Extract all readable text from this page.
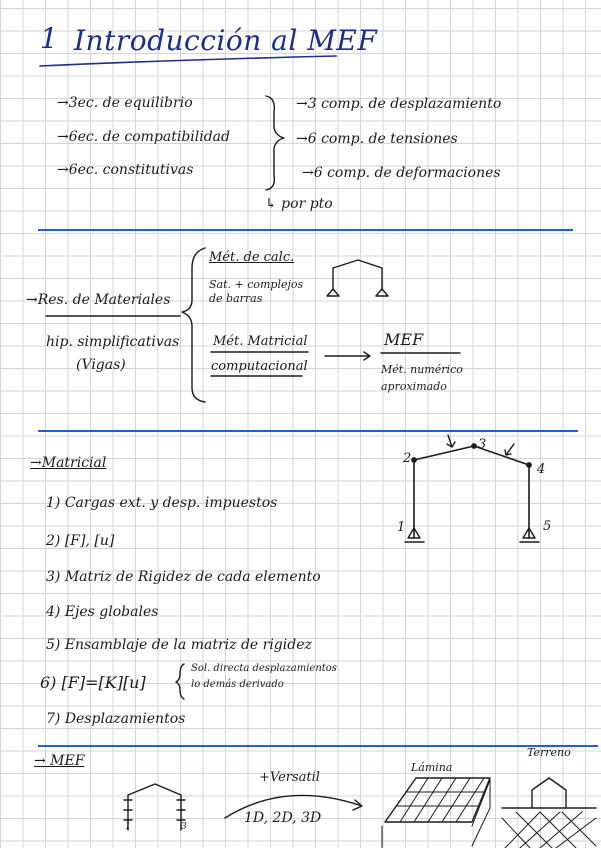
1 Introducción al MEF
→3ec. de equilibrio
→6ec. de compatibilidad
→6ec. constitutivas
→3 comp. de desplazamiento
→6 comp. de tensiones
→6 comp. de deformaciones
↳ por pto
→Res. de Materiales
hip. simplificativas
(Vigas)
Mét. de calc.
Sat. + complejos
de barras
Mét. Matricial
computacional
MEF
Mét. numérico
aproximado
→Matricial
1) Cargas ext. y desp. impuestos
2) [F], [u]
3) Matriz de Rigidez de cada elemento
4) Ejes globales
5) Ensamblaje de la matriz de rigidez
6) [F]=[K][u]
Sol. directa desplazamientos
lo demás derivado
7) Desplazamientos
1
2
3
4
5
→ MEF
+Versatil
1D, 2D, 3D
Lámina
Terreno
1	3
